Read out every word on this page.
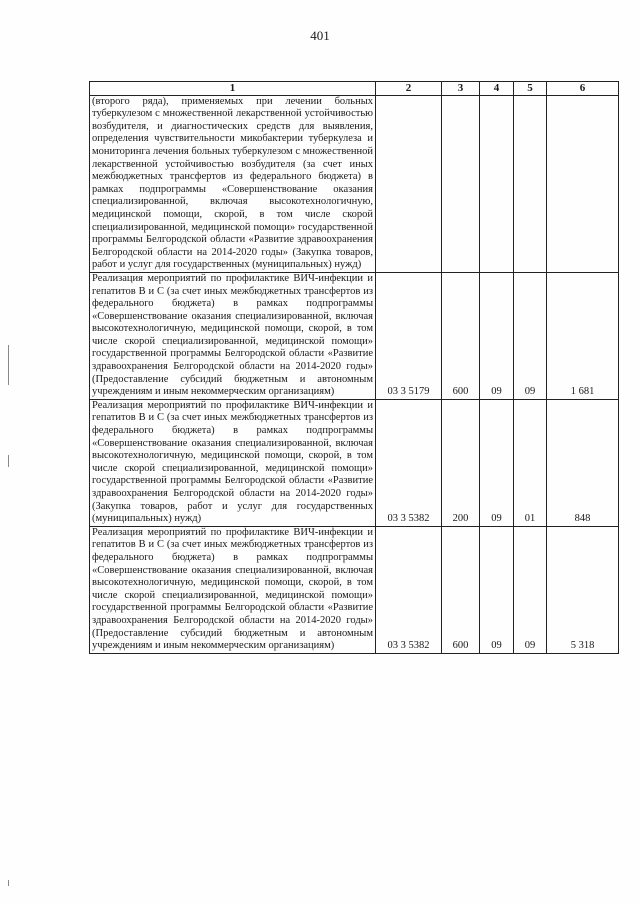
401
1	2	3	4	5	6
(второго ряда), применяемых при лечении больных туберкулезом с множественной лекарственной устойчивостью возбудителя, и диагностических средств для выявления, определения чувствительности микобактерии туберкулеза и мониторинга лечения больных туберкулезом с множественной лекарственной устойчивостью возбудителя (за счет иных межбюджетных трансфертов из федерального бюджета) в рамках подпрограммы «Совершенствование оказания специализированной, включая высокотехнологичную, медицинской помощи, скорой, в том числе скорой специализированной, медицинской помощи» государственной программы Белгородской области «Развитие здравоохранения Белгородской области на 2014-2020 годы» (Закупка товаров, работ и услуг для государственных (муниципальных) нужд)					
Реализация мероприятий по профилактике ВИЧ-инфекции и гепатитов B и C (за счет иных межбюджетных трансфертов из федерального бюджета) в рамках подпрограммы «Совершенствование оказания специализированной, включая высокотехнологичную, медицинской помощи, скорой, в том числе скорой специализированной, медицинской помощи» государственной программы Белгородской области «Развитие здравоохранения Белгородской области на 2014-2020 годы» (Предоставление субсидий бюджетным и автономным учреждениям и иным некоммерческим организациям)	03 3 5179	600	09	09	1 681
Реализация мероприятий по профилактике ВИЧ-инфекции и гепатитов B и C (за счет иных межбюджетных трансфертов из федерального бюджета) в рамках подпрограммы «Совершенствование оказания специализированной, включая высокотехнологичную, медицинской помощи, скорой, в том числе скорой специализированной, медицинской помощи» государственной программы Белгородской области «Развитие здравоохранения Белгородской области на 2014-2020 годы» (Закупка товаров, работ и услуг для государственных (муниципальных) нужд)	03 3 5382	200	09	01	848
Реализация мероприятий по профилактике ВИЧ-инфекции и гепатитов B и C (за счет иных межбюджетных трансфертов из федерального бюджета) в рамках подпрограммы «Совершенствование оказания специализированной, включая высокотехнологичную, медицинской помощи, скорой, в том числе скорой специализированной, медицинской помощи» государственной программы Белгородской области «Развитие здравоохранения Белгородской области на 2014-2020 годы» (Предоставление субсидий бюджетным и автономным учреждениям и иным некоммерческим организациям)	03 3 5382	600	09	09	5 318
